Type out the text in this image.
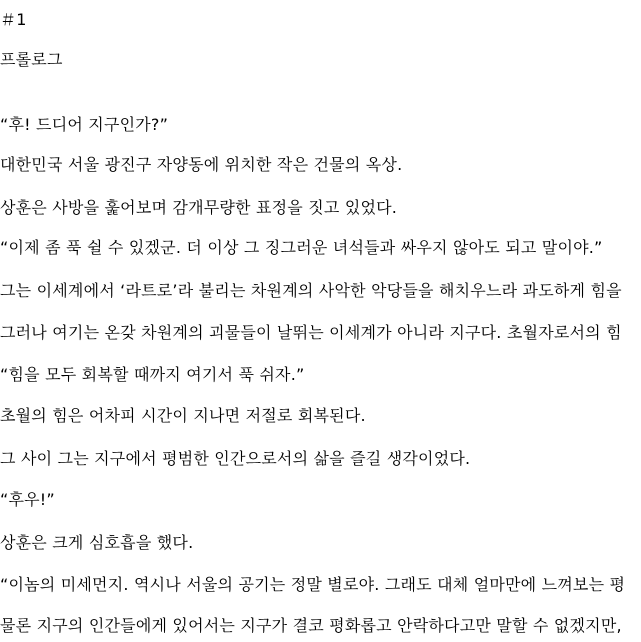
＃1
프롤로그
“후! 드디어 지구인가?”
대한민국 서울 광진구 자양동에 위치한 작은 건물의 옥상.
상훈은 사방을 훑어보며 감개무량한 표정을 짓고 있었다.
“이제 좀 푹 쉴 수 있겠군. 더 이상 그 징그러운 녀석들과 싸우지 않아도 되고 말이야.”
그는 이세계에서 ‘라트로’라 불리는 차원계의 사악한 악당들을 해치우느라 과도하게 힘을
그러나 여기는 온갖 차원계의 괴물들이 날뛰는 이세계가 아니라 지구다. 초월자로서의 힘
“힘을 모두 회복할 때까지 여기서 푹 쉬자.”
초월의 힘은 어차피 시간이 지나면 저절로 회복된다.
그 사이 그는 지구에서 평범한 인간으로서의 삶을 즐길 생각이었다.
“후우!”
상훈은 크게 심호흡을 했다.
“이놈의 미세먼지. 역시나 서울의 공기는 정말 별로야. 그래도 대체 얼마만에 느껴보는 평
물론 지구의 인간들에게 있어서는 지구가 결코 평화롭고 안락하다고만 말할 수 없겠지만,
